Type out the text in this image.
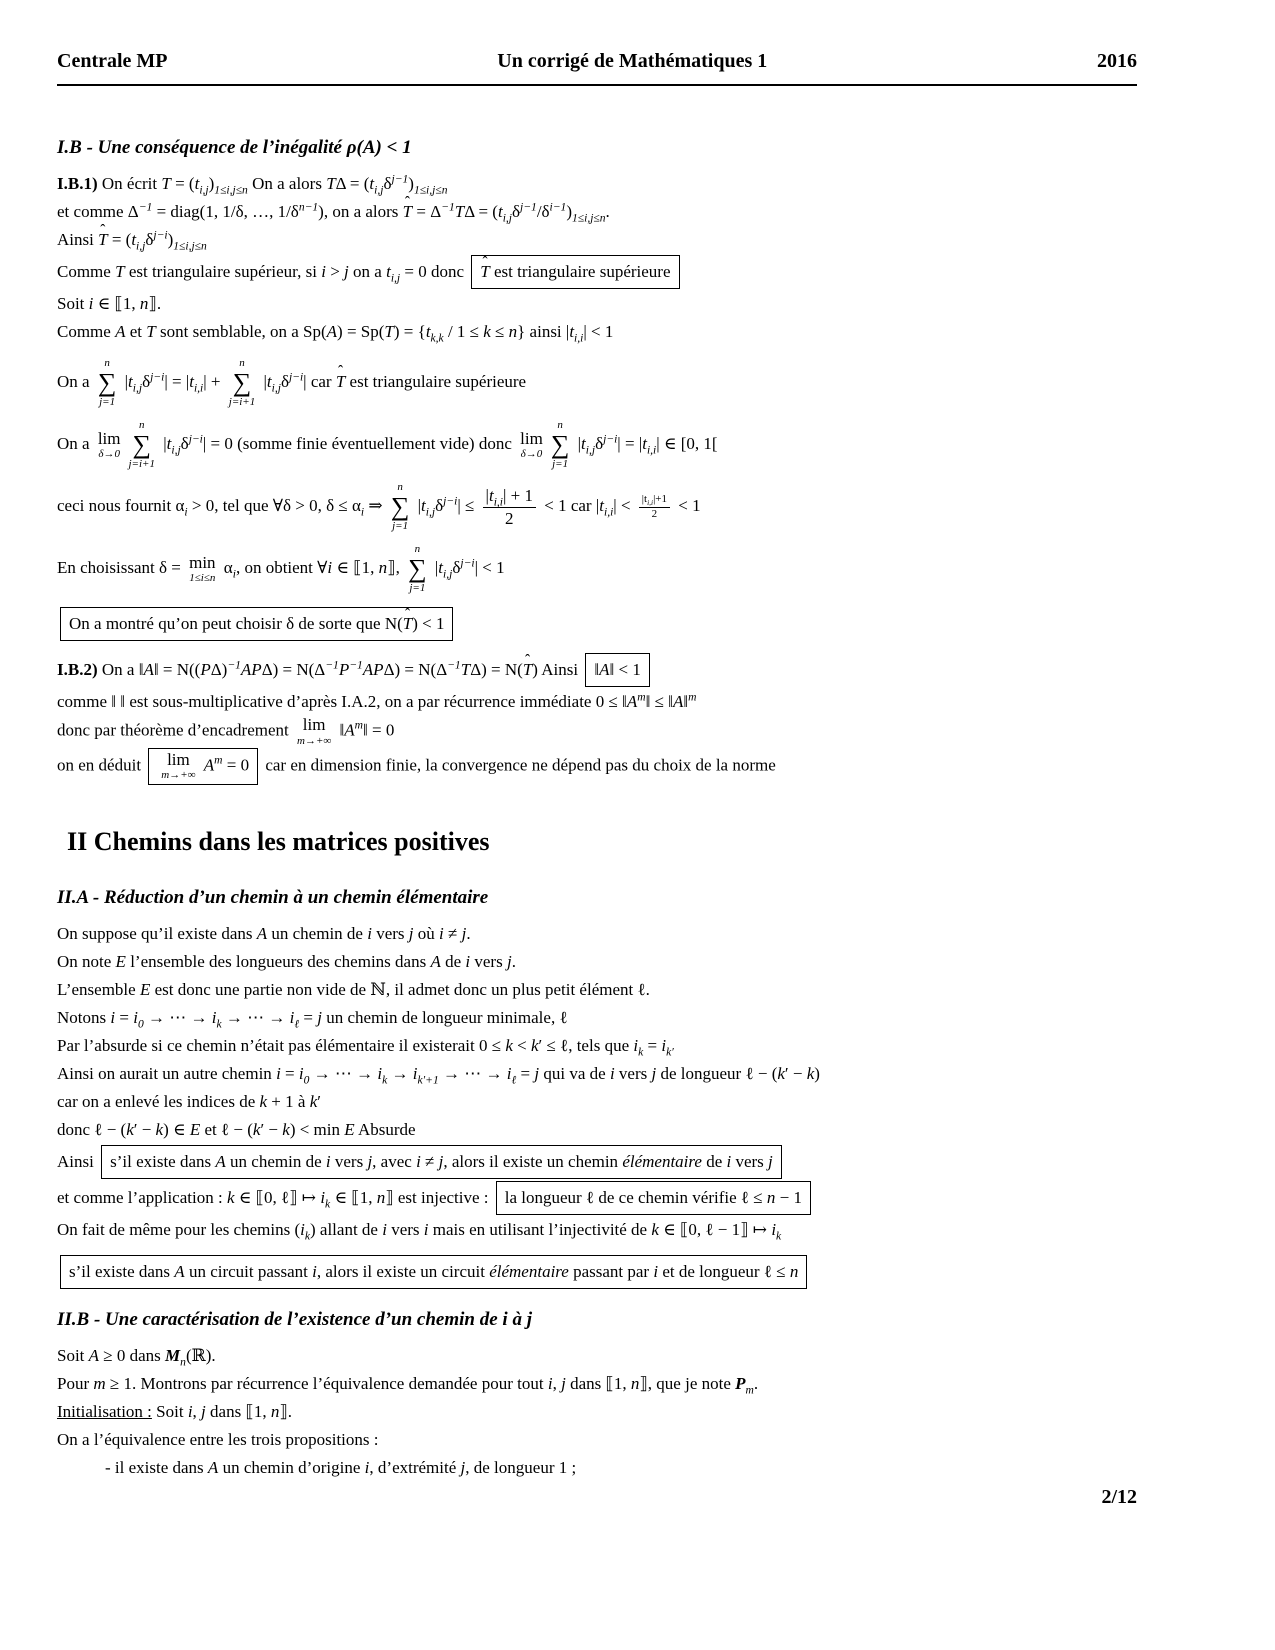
Centrale MP	Un corrigé de Mathématiques 1	2016
I.B - Une conséquence de l’inégalité ρ(A) < 1
I.B.1) On écrit $T = (t_{i,j})_{1\le i,j\le n}$ On a alors $T\Delta = (t_{i,j}\delta^{j-1})_{1\le i,j\le n}$
et comme $\Delta^{-1}$ = diag(1, 1/δ, …, $1/\delta^{n-1}$), on a alors ˆ $T = \Delta^{-1}T\Delta = (t_{i,j}\delta^{j-1}/\delta^{i-1})_{1\le i,j\le n}$.
Ainsi ˆ $T = (t_{i,j}\delta^{j-i})_{1\le i,j\le n}$
Comme T est triangulaire supérieur, si i > j on a $t_{i,j} = 0$ donc ˆ T est triangulaire supérieure
Soit i ∈ ⟦1, n⟧.
Comme A et T sont semblable, on a $Sp(A) = Sp(T) = \{t_{k,k} / 1 \le k \le n\}$ ainsi $|t_{i,i}| < 1$
On a
n
∑
j=1
$|t_{i,j}\delta^{j-i}| = |t_{i,i}|$ +
n
∑
j=i+1
$|t_{i,j}\delta^{j-i}|$ car ˆ T est triangulaire supérieure
On a lim
δ→0
n
∑
j=i+1
$|t_{i,j}\delta^{j-i}| = 0$ (somme finie éventuellement vide) donc lim
δ→0
n
∑
j=1
$|t_{i,j}\delta^{j-i}| = |t_{i,i}|$ ∈ [0, 1[
ceci nous fournit $\alpha_i > 0$, tel que ∀δ > 0, $\delta \le \alpha_i$ ⇒
n
∑
j=1
$|t_{i,j}\delta^{j-i}| \le \frac{|t_{i,i}| + 1}{2} < 1$ car $|t_{i,i}| < \frac{|t_{i,i}|+1}{2} < 1$
En choisissant δ = min
1≤i≤n
$\alpha_i$, on obtient ∀i ∈ ⟦1, n⟧,
n
∑
j=1
$|t_{i,j}\delta^{j-i}| < 1$
On a montré qu’on peut choisir δ de sorte que N(ˆ T) < 1
I.B.2) On a ‖A‖ = $N((P\Delta)^{-1}AP\Delta) = N(\Delta^{-1}P^{-1}AP\Delta) = N(\Delta^{-1}T\Delta)$ = N(ˆ T) Ainsi ‖A‖ < 1
comme ‖ ‖ est sous-multiplicative d’après I.A.2, on a par récurrence immédiate $0 \le ‖A^m‖$ ≤ ‖A‖$^m$
donc par théorème d’encadrement lim
m→+∞
$‖A^m‖ = 0$
on en déduit lim
m→+∞
$A^m = 0$ car en dimension finie, la convergence ne dépend pas du choix de la norme
II Chemins dans les matrices positives
II.A - Réduction d’un chemin à un chemin élémentaire
On suppose qu’il existe dans A un chemin de i vers j où i ≠ j.
On note E l’ensemble des longueurs des chemins dans A de i vers j.
L’ensemble E est donc une partie non vide de ℕ, il admet donc un plus petit élément ℓ.
Notons $i = i_0$ → ⋯ → $i_k$ → ⋯ → $i_\ell = j$ un chemin de longueur minimale, ℓ
Par l’absurde si ce chemin n’était pas élémentaire il existerait 0 ≤ k < k′ ≤ ℓ, tels que $i_k = i_{k'}$
Ainsi on aurait un autre chemin $i = i_0$ → ⋯ → $i_k \to i_{k'+1}$ → ⋯ → $i_\ell = j$ qui va de i vers j de longueur ℓ − (k′ − k)
car on a enlevé les indices de k + 1 à k′
donc ℓ − (k′ − k) ∈ E et ℓ − (k′ − k) < min E Absurde
Ainsi s’il existe dans A un chemin de i vers j, avec i ≠ j, alors il existe un chemin élémentaire de i vers j
et comme l’application : k ∈ ⟦0, ℓ⟧ ↦ $i_k$ ∈ ⟦1, n⟧ est injective : la longueur ℓ de ce chemin vérifie ℓ ≤ n − 1
On fait de même pour les chemins $(i_k)$ allant de i vers i mais en utilisant l’injectivité de k ∈ ⟦0, ℓ − 1⟧ ↦ $i_k$
s’il existe dans A un circuit passant i, alors il existe un circuit élémentaire passant par i et de longueur ℓ ≤ n
II.B - Une caractérisation de l’existence d’un chemin de i à j
Soit A ≥ 0 dans $M_n(ℝ)$.
Pour m ≥ 1. Montrons par récurrence l’équivalence demandée pour tout i, j dans ⟦1, n⟧, que je note $P_m$.
Initialisation : Soit i, j dans ⟦1, n⟧.
On a l’équivalence entre les trois propositions :
- il existe dans A un chemin d’origine i, d’extrémité j, de longueur 1 ;
2/12
